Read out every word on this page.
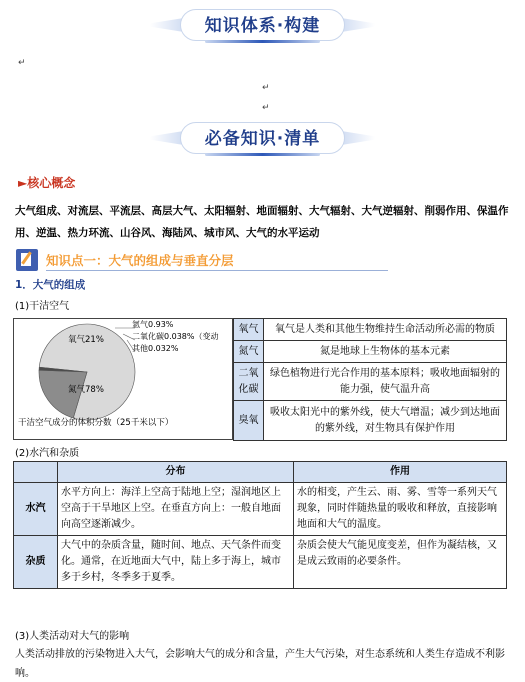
知识体系·构建
↵
↵
↵
必备知识·清单
►核心概念
大气组成、对流层、平流层、高层大气、太阳辐射、地面辐射、大气辐射、大气逆辐射、削弱作用、保温作用、逆温、热力环流、山谷风、海陆风、城市风、大气的水平运动
知识点一：大气的组成与垂直分层
1．大气的组成
(1)干洁空气
氧气21%
氮气78%
氩气0.93%
二氧化碳0.038%（变动
其他0.032%
干洁空气成分的体积分数（25千米以下）
氧气	氧气是人类和其他生物维持生命活动所必需的物质
氮气	氮是地球上生物体的基本元素
二氧化碳	绿色植物进行光合作用的基本原料；吸收地面辐射的能力强，使气温升高
臭氧	吸收太阳光中的紫外线，使大气增温；减少到达地面的紫外线，对生物具有保护作用
(2)水汽和杂质
	分布	作用
水汽	水平方向上：海洋上空高于陆地上空；湿润地区上空高于干旱地区上空。在垂直方向上：一般自地面向高空逐渐减少。	水的相变，产生云、雨、雾、雪等一系列天气现象，同时伴随热量的吸收和释放，直接影响地面和大气的温度。
杂质	大气中的杂质含量，随时间、地点、天气条件而变化。通常，在近地面大气中，陆上多于海上，城市多于乡村，冬季多于夏季。	杂质会使大气能见度变差，但作为凝结核，又是成云致雨的必要条件。
(3)人类活动对大气的影响
人类活动排放的污染物进入大气，会影响大气的成分和含量，产生大气污染，对生态系统和人类生存造成不利影响。
